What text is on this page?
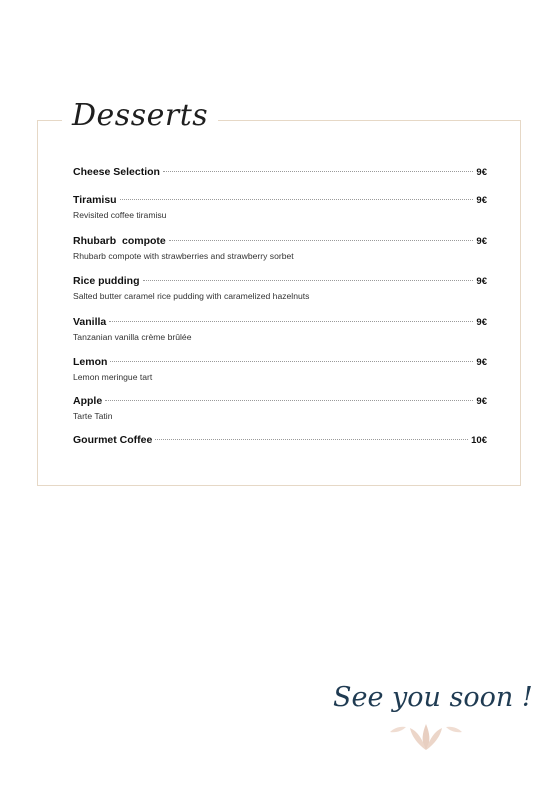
Desserts
Cheese Selection	9€
Tiramisu	9€
Revisited coffee tiramisu
Rhubarb  compote	9€
Rhubarb compote with strawberries and strawberry sorbet
Rice pudding	9€
Salted butter caramel rice pudding with caramelized hazelnuts
Vanilla	9€
Tanzanian vanilla crème brûlée
Lemon	9€
Lemon meringue tart
Apple	9€
Tarte Tatin
Gourmet Coffee	10€
See you soon !
